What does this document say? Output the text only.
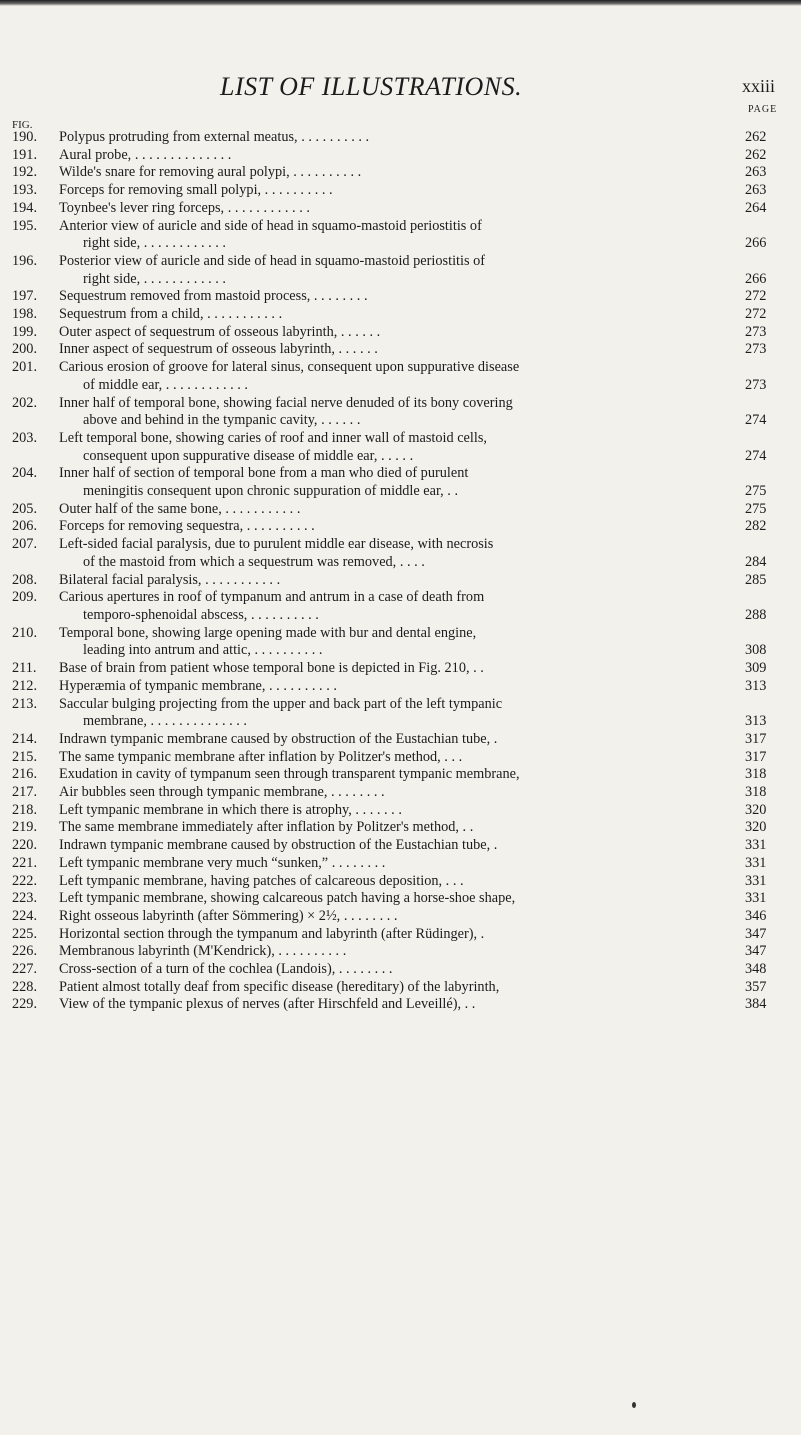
LIST OF ILLUSTRATIONS.	xxiii
PAGE
FIG.
190.	Polypus protruding from external meatus, . . . . . . . . . .	262
191.	Aural probe, . . . . . . . . . . . . . .	262
192.	Wilde's snare for removing aural polypi, . . . . . . . . . .	263
193.	Forceps for removing small polypi, . . . . . . . . . .	263
194.	Toynbee's lever ring forceps, . . . . . . . . . . . .	264
195.	Anterior view of auricle and side of head in squamo-mastoid periostitis of
right side, . . . . . . . . . . . .	266
196.	Posterior view of auricle and side of head in squamo-mastoid periostitis of
right side, . . . . . . . . . . . .	266
197.	Sequestrum removed from mastoid process, . . . . . . . .	272
198.	Sequestrum from a child, . . . . . . . . . . .	272
199.	Outer aspect of sequestrum of osseous labyrinth, . . . . . .	273
200.	Inner aspect of sequestrum of osseous labyrinth, . . . . . .	273
201.	Carious erosion of groove for lateral sinus, consequent upon suppurative disease
of middle ear, . . . . . . . . . . . .	273
202.	Inner half of temporal bone, showing facial nerve denuded of its bony covering
above and behind in the tympanic cavity, . . . . . .	274
203.	Left temporal bone, showing caries of roof and inner wall of mastoid cells,
consequent upon suppurative disease of middle ear, . . . . .	274
204.	Inner half of section of temporal bone from a man who died of purulent
meningitis consequent upon chronic suppuration of middle ear, . .	275
205.	Outer half of the same bone, . . . . . . . . . . .	275
206.	Forceps for removing sequestra, . . . . . . . . . .	282
207.	Left-sided facial paralysis, due to purulent middle ear disease, with necrosis
of the mastoid from which a sequestrum was removed, . . . .	284
208.	Bilateral facial paralysis, . . . . . . . . . . .	285
209.	Carious apertures in roof of tympanum and antrum in a case of death from
temporo-sphenoidal abscess, . . . . . . . . . .	288
210.	Temporal bone, showing large opening made with bur and dental engine,
leading into antrum and attic, . . . . . . . . . .	308
211.	Base of brain from patient whose temporal bone is depicted in Fig. 210, . .	309
212.	Hyperæmia of tympanic membrane, . . . . . . . . . .	313
213.	Saccular bulging projecting from the upper and back part of the left tympanic
membrane, . . . . . . . . . . . . . .	313
214.	Indrawn tympanic membrane caused by obstruction of the Eustachian tube, .	317
215.	The same tympanic membrane after inflation by Politzer's method, . . .	317
216.	Exudation in cavity of tympanum seen through transparent tympanic membrane,	318
217.	Air bubbles seen through tympanic membrane, . . . . . . . .	318
218.	Left tympanic membrane in which there is atrophy, . . . . . . .	320
219.	The same membrane immediately after inflation by Politzer's method, . .	320
220.	Indrawn tympanic membrane caused by obstruction of the Eustachian tube, .	331
221.	Left tympanic membrane very much “sunken,” . . . . . . . .	331
222.	Left tympanic membrane, having patches of calcareous deposition, . . .	331
223.	Left tympanic membrane, showing calcareous patch having a horse-shoe shape,	331
224.	Right osseous labyrinth (after Sömmering) × 2½, . . . . . . . .	346
225.	Horizontal section through the tympanum and labyrinth (after Rüdinger), .	347
226.	Membranous labyrinth (M'Kendrick), . . . . . . . . . .	347
227.	Cross-section of a turn of the cochlea (Landois), . . . . . . . .	348
228.	Patient almost totally deaf from specific disease (hereditary) of the labyrinth,	357
229.	View of the tympanic plexus of nerves (after Hirschfeld and Leveillé), . .	384
